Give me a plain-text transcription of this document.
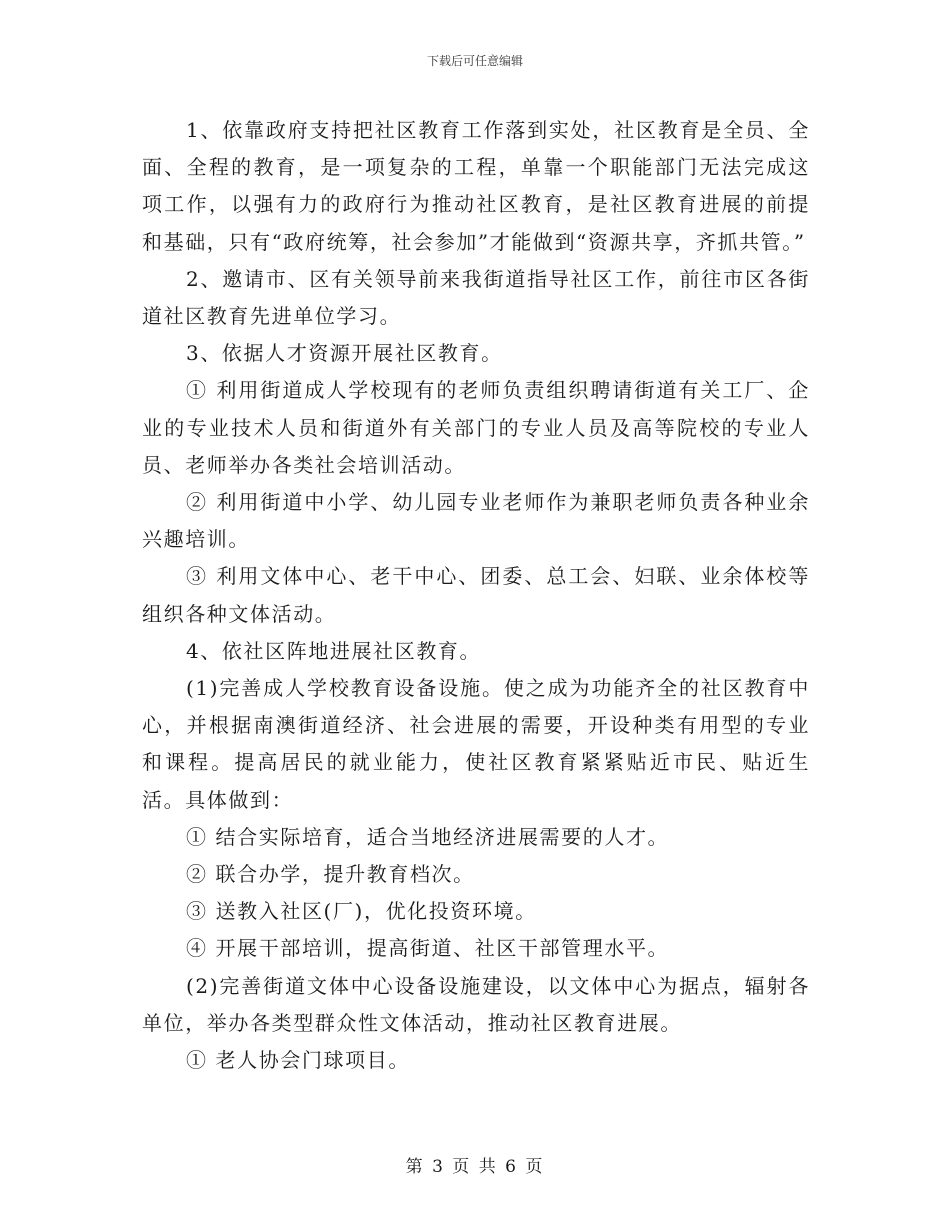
下载后可任意编辑

1、依靠政府支持把社区教育工作落到实处，社区教育是全员、全面、全程的教育，是一项复杂的工程，单靠一个职能部门无法完成这项工作，以强有力的政府行为推动社区教育，是社区教育进展的前提和基础，只有“政府统筹，社会参加”才能做到“资源共享，齐抓共管。”

2、邀请市、区有关领导前来我街道指导社区工作，前往市区各街道社区教育先进单位学习。

3、依据人才资源开展社区教育。

① 利用街道成人学校现有的老师负责组织聘请街道有关工厂、企业的专业技术人员和街道外有关部门的专业人员及高等院校的专业人员、老师举办各类社会培训活动。

② 利用街道中小学、幼儿园专业老师作为兼职老师负责各种业余兴趣培训。

③ 利用文体中心、老干中心、团委、总工会、妇联、业余体校等组织各种文体活动。

4、依社区阵地进展社区教育。

(1)完善成人学校教育设备设施。使之成为功能齐全的社区教育中心，并根据南澳街道经济、社会进展的需要，开设种类有用型的专业和课程。提高居民的就业能力，使社区教育紧紧贴近市民、贴近生活。具体做到：

① 结合实际培育，适合当地经济进展需要的人才。

② 联合办学，提升教育档次。

③ 送教入社区(厂)，优化投资环境。

④ 开展干部培训，提高街道、社区干部管理水平。

(2)完善街道文体中心设备设施建设，以文体中心为据点，辐射各单位，举办各类型群众性文体活动，推动社区教育进展。

① 老人协会门球项目。

第 3 页 共 6 页
